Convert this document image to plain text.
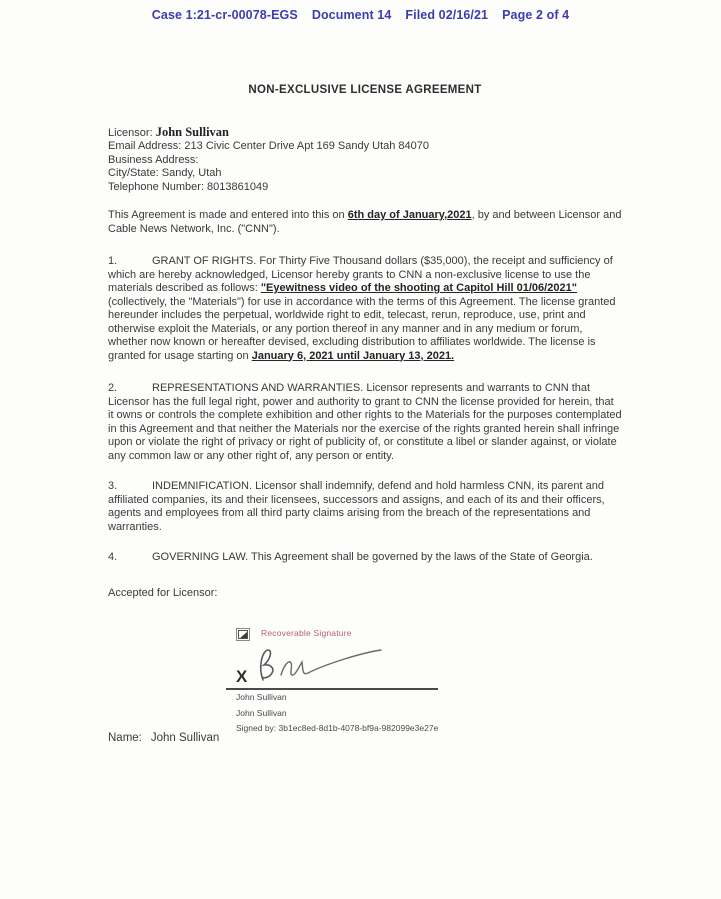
Case 1:21-cr-00078-EGS Document 14 Filed 02/16/21 Page 2 of 4
NON-EXCLUSIVE LICENSE AGREEMENT
Licensor: John Sullivan
Email Address: 213 Civic Center Drive Apt 169 Sandy Utah 84070
Business Address:
City/State: Sandy, Utah
Telephone Number: 8013861049

This Agreement is made and entered into this on 6th day of January,2021, by and between Licensor and Cable News Network, Inc. ("CNN").

1.	GRANT OF RIGHTS. For Thirty Five Thousand dollars ($35,000), the receipt and sufficiency of which are hereby acknowledged, Licensor hereby grants to CNN a non-exclusive license to use the materials described as follows: "Eyewitness video of the shooting at Capitol Hill 01/06/2021" (collectively, the "Materials") for use in accordance with the terms of this Agreement. The license granted hereunder includes the perpetual, worldwide right to edit, telecast, rerun, reproduce, use, print and otherwise exploit the Materials, or any portion thereof in any manner and in any medium or forum, whether now known or hereafter devised, excluding distribution to affiliates worldwide. The license is granted for usage starting on January 6, 2021 until January 13, 2021.

2.	REPRESENTATIONS AND WARRANTIES. Licensor represents and warrants to CNN that Licensor has the full legal right, power and authority to grant to CNN the license provided for herein, that it owns or controls the complete exhibition and other rights to the Materials for the purposes contemplated in this Agreement and that neither the Materials nor the exercise of the rights granted herein shall infringe upon or violate the right of privacy or right of publicity of, or constitute a libel or slander against, or violate any common law or any other right of, any person or entity.

3.	INDEMNIFICATION. Licensor shall indemnify, defend and hold harmless CNN, its parent and affiliated companies, its and their licensees, successors and assigns, and each of its and their officers, agents and employees from all third party claims arising from the breach of the representations and warranties.

4.	GOVERNING LAW. This Agreement shall be governed by the laws of the State of Georgia.

Accepted for Licensor:

Recoverable Signature
X
John Sullivan
John Sullivan
Signed by: 3b1ec8ed-8d1b-4078-bf9a-982099e3e27e
Name: John Sullivan
